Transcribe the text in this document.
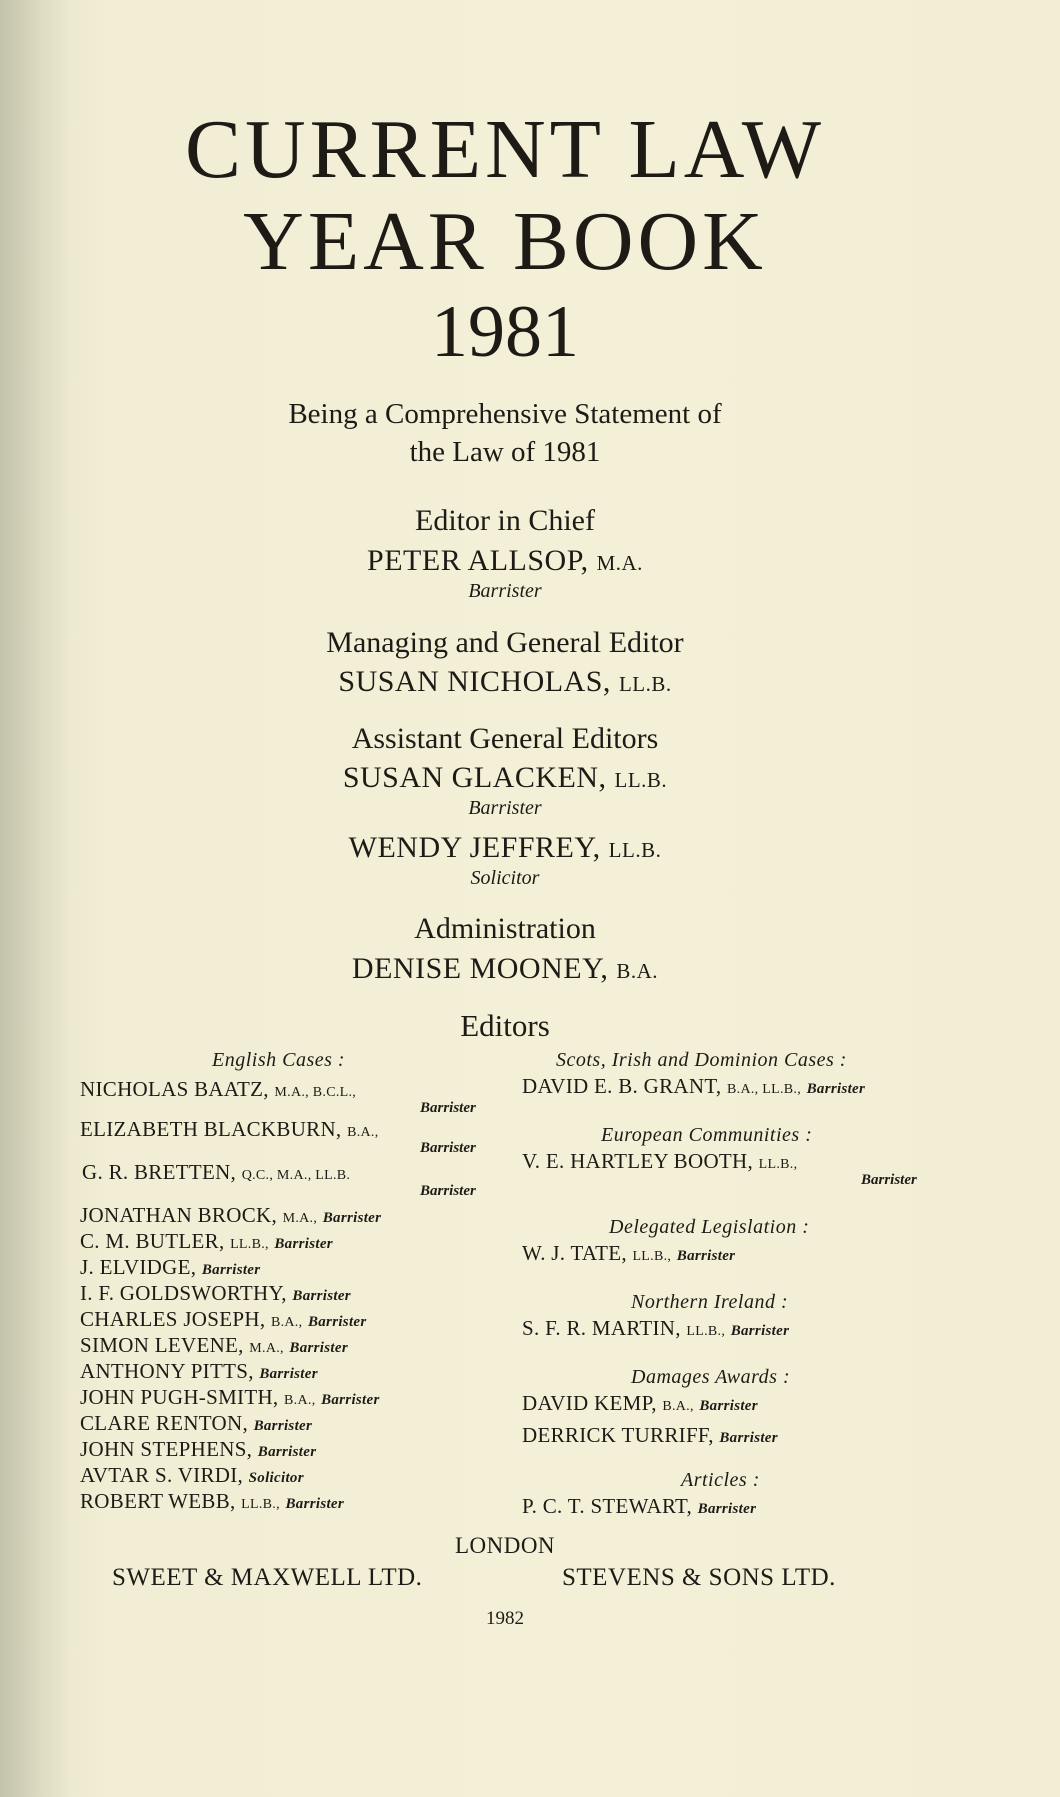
CURRENT LAW
YEAR BOOK
1981
Being a Comprehensive Statement of
the Law of 1981
Editor in Chief
PETER ALLSOP, M.A.
Barrister
Managing and General Editor
SUSAN NICHOLAS, LL.B.
Assistant General Editors
SUSAN GLACKEN, LL.B.
Barrister
WENDY JEFFREY, LL.B.
Solicitor
Administration
DENISE MOONEY, B.A.
Editors
English Cases :
NICHOLAS BAATZ, M.A., B.C.L.,
Barrister
ELIZABETH BLACKBURN, B.A.,
Barrister
G. R. BRETTEN, Q.C., M.A., LL.B.
Barrister
JONATHAN BROCK, M.A., Barrister
C. M. BUTLER, LL.B., Barrister
J. ELVIDGE, Barrister
I. F. GOLDSWORTHY, Barrister
CHARLES JOSEPH, B.A., Barrister
SIMON LEVENE, M.A., Barrister
ANTHONY PITTS, Barrister
JOHN PUGH-SMITH, B.A., Barrister
CLARE RENTON, Barrister
JOHN STEPHENS, Barrister
AVTAR S. VIRDI, Solicitor
ROBERT WEBB, LL.B., Barrister
Scots, Irish and Dominion Cases :
DAVID E. B. GRANT, B.A., LL.B., Barrister
European Communities :
V. E. HARTLEY BOOTH, LL.B.,
Barrister
Delegated Legislation :
W. J. TATE, LL.B., Barrister
Northern Ireland :
S. F. R. MARTIN, LL.B., Barrister
Damages Awards :
DAVID KEMP, B.A., Barrister
DERRICK TURRIFF, Barrister
Articles :
P. C. T. STEWART, Barrister
LONDON
SWEET & MAXWELL LTD.	STEVENS & SONS LTD.
1982
